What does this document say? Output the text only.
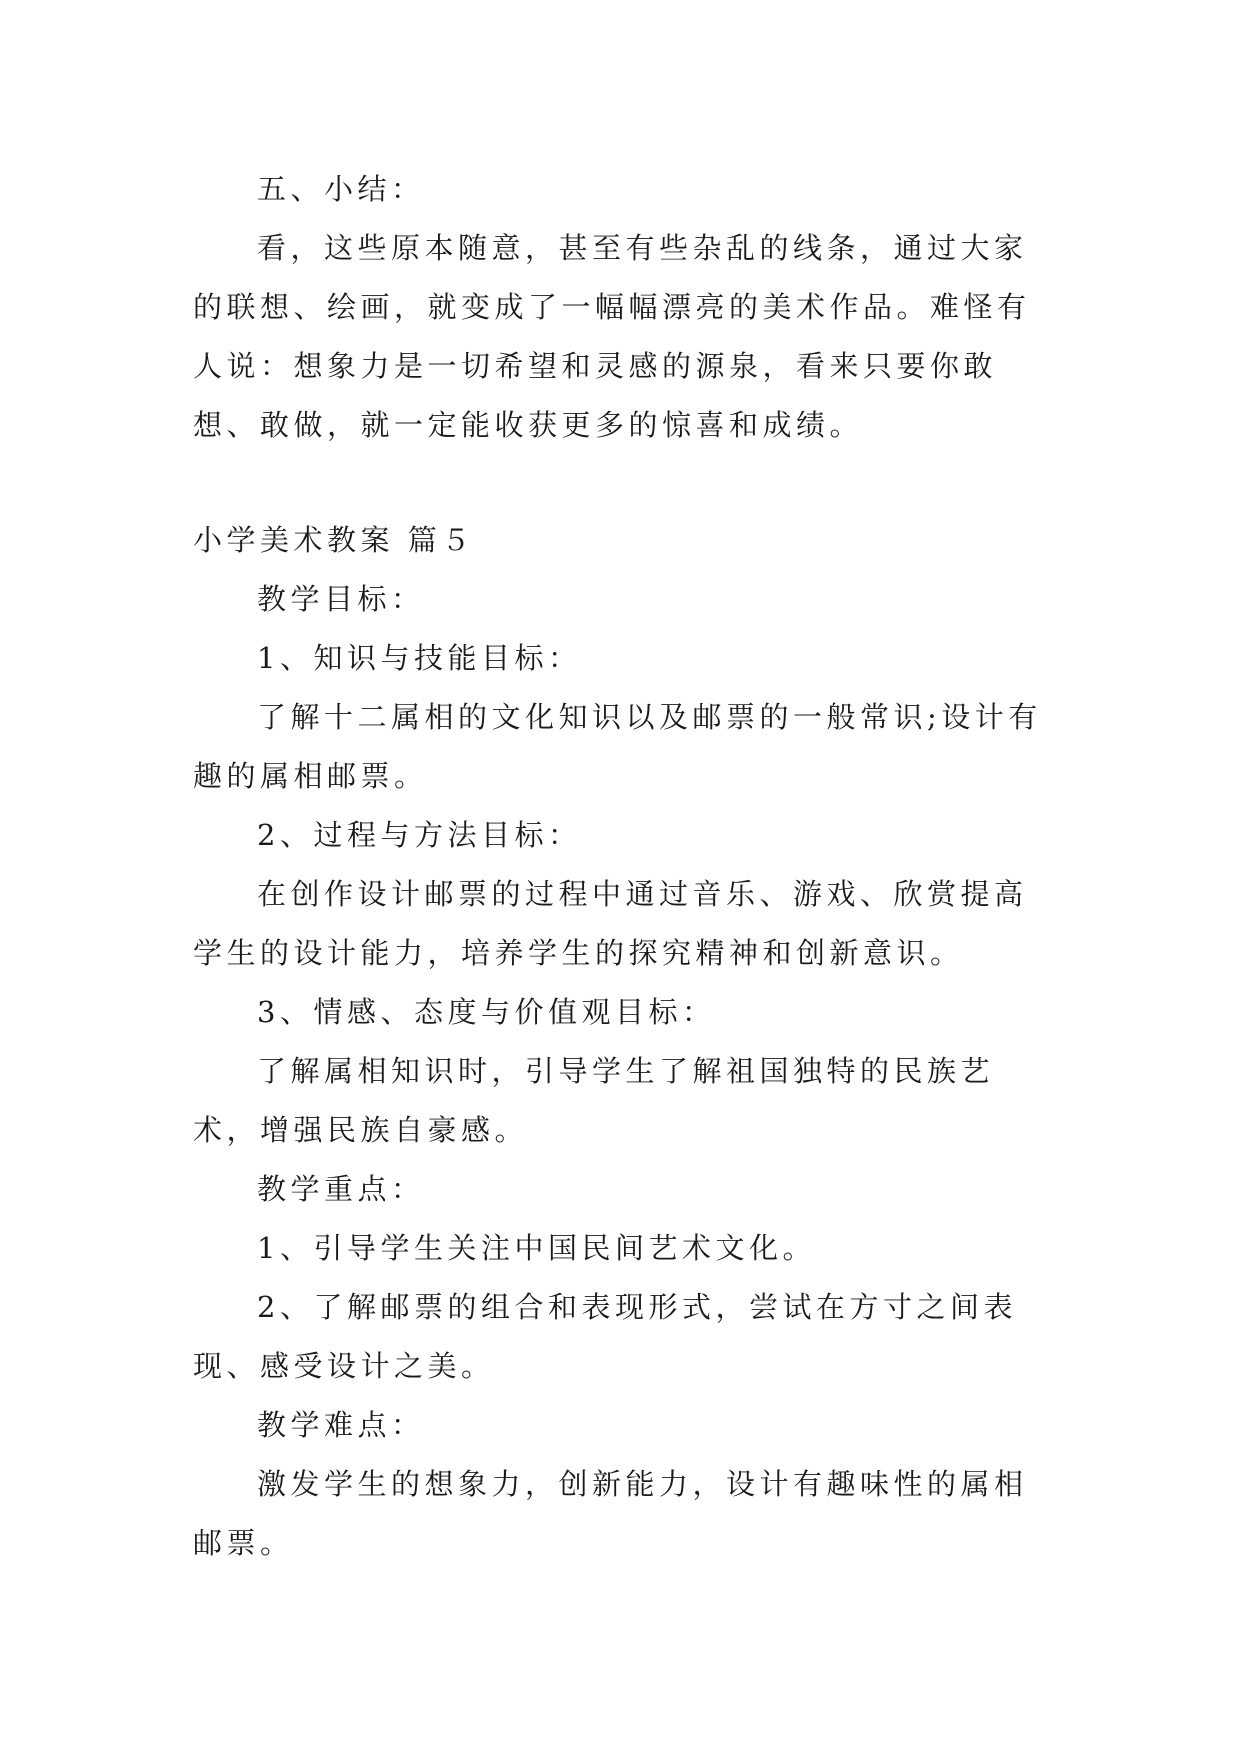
五、小结：

看，这些原本随意，甚至有些杂乱的线条，通过大家的联想、绘画，就变成了一幅幅漂亮的美术作品。难怪有人说：想象力是一切希望和灵感的源泉，看来只要你敢想、敢做，就一定能收获更多的惊喜和成绩。

小学美术教案 篇５

教学目标：

1、知识与技能目标：

了解十二属相的文化知识以及邮票的一般常识;设计有趣的属相邮票。

2、过程与方法目标：

在创作设计邮票的过程中通过音乐、游戏、欣赏提高学生的设计能力，培养学生的探究精神和创新意识。

3、情感、态度与价值观目标：

了解属相知识时，引导学生了解祖国独特的民族艺术，增强民族自豪感。

教学重点：

1、引导学生关注中国民间艺术文化。

2、了解邮票的组合和表现形式，尝试在方寸之间表现、感受设计之美。

教学难点：

激发学生的想象力，创新能力，设计有趣味性的属相邮票。
